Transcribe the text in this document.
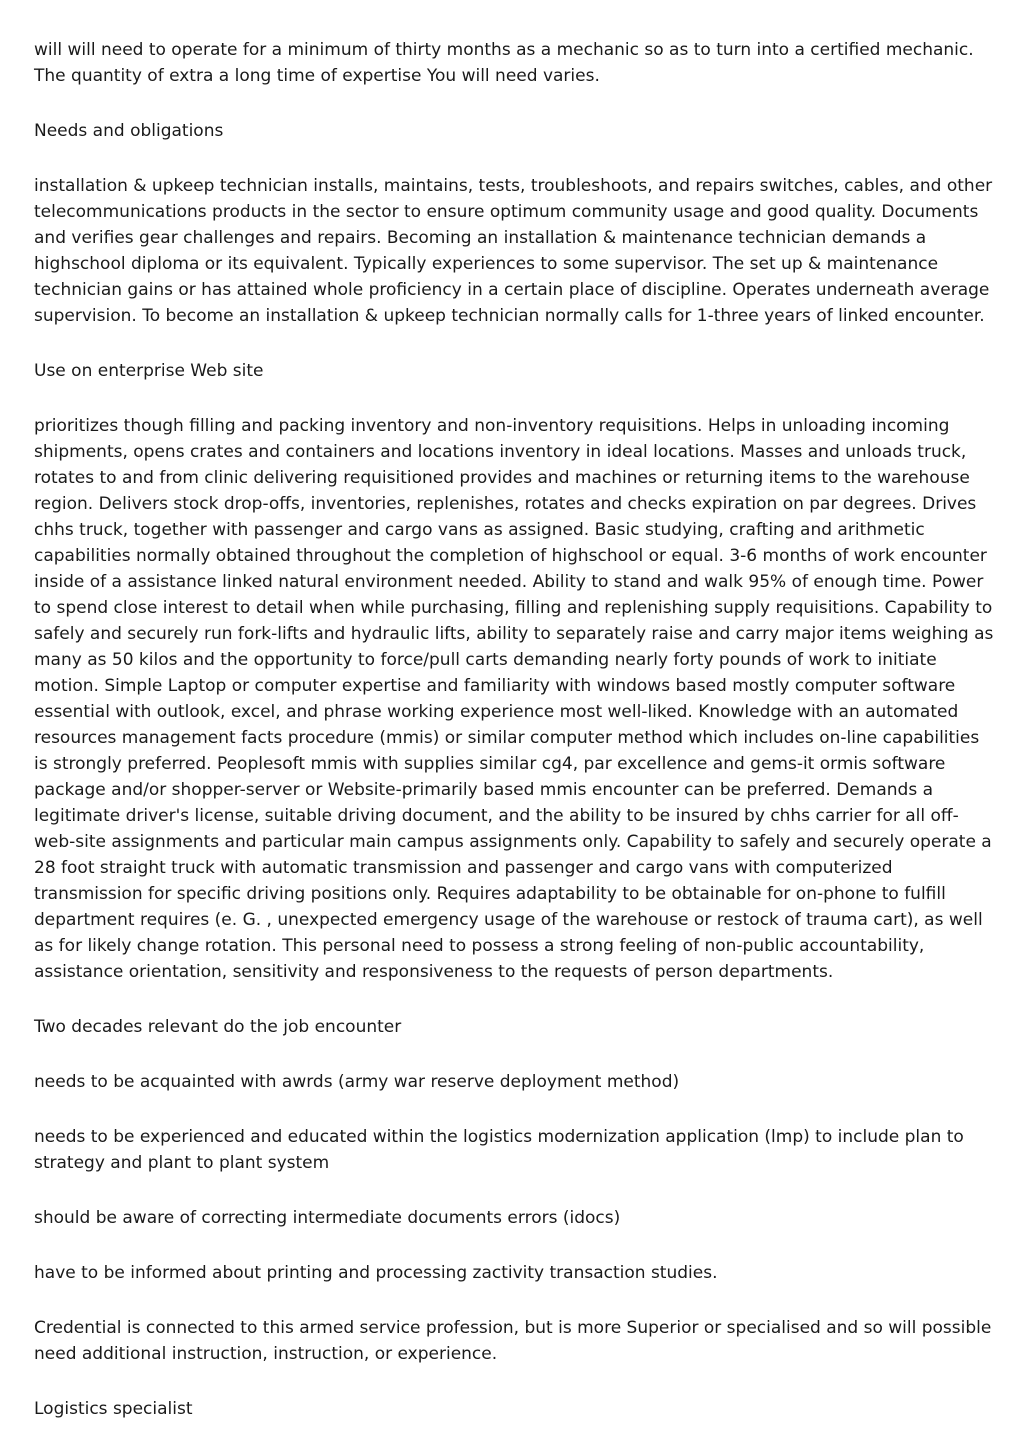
will will need to operate for a minimum of thirty months as a mechanic so as to turn into a certified mechanic. The quantity of extra a long time of expertise You will need varies.

Needs and obligations

installation & upkeep technician installs, maintains, tests, troubleshoots, and repairs switches, cables, and other telecommunications products in the sector to ensure optimum community usage and good quality. Documents and verifies gear challenges and repairs. Becoming an installation & maintenance technician demands a highschool diploma or its equivalent. Typically experiences to some supervisor. The set up & maintenance technician gains or has attained whole proficiency in a certain place of discipline. Operates underneath average supervision. To become an installation & upkeep technician normally calls for 1-three years of linked encounter.

Use on enterprise Web site

prioritizes though filling and packing inventory and non-inventory requisitions. Helps in unloading incoming shipments, opens crates and containers and locations inventory in ideal locations. Masses and unloads truck, rotates to and from clinic delivering requisitioned provides and machines or returning items to the warehouse region. Delivers stock drop-offs, inventories, replenishes, rotates and checks expiration on par degrees. Drives chhs truck, together with passenger and cargo vans as assigned. Basic studying, crafting and arithmetic capabilities normally obtained throughout the completion of highschool or equal. 3-6 months of work encounter inside of a assistance linked natural environment needed. Ability to stand and walk 95% of enough time. Power to spend close interest to detail when while purchasing, filling and replenishing supply requisitions. Capability to safely and securely run fork-lifts and hydraulic lifts, ability to separately raise and carry major items weighing as many as 50 kilos and the opportunity to force/pull carts demanding nearly forty pounds of work to initiate motion. Simple Laptop or computer expertise and familiarity with windows based mostly computer software essential with outlook, excel, and phrase working experience most well-liked. Knowledge with an automated resources management facts procedure (mmis) or similar computer method which includes on-line capabilities is strongly preferred. Peoplesoft mmis with supplies similar cg4, par excellence and gems-it ormis software package and/or shopper-server or Website-primarily based mmis encounter can be preferred. Demands a legitimate driver's license, suitable driving document, and the ability to be insured by chhs carrier for all off-web-site assignments and particular main campus assignments only. Capability to safely and securely operate a 28 foot straight truck with automatic transmission and passenger and cargo vans with computerized transmission for specific driving positions only. Requires adaptability to be obtainable for on-phone to fulfill department requires (e. G. , unexpected emergency usage of the warehouse or restock of trauma cart), as well as for likely change rotation. This personal need to possess a strong feeling of non-public accountability, assistance orientation, sensitivity and responsiveness to the requests of person departments.

Two decades relevant do the job encounter

needs to be acquainted with awrds (army war reserve deployment method)

needs to be experienced and educated within the logistics modernization application (lmp) to include plan to strategy and plant to plant system

should be aware of correcting intermediate documents errors (idocs)

have to be informed about printing and processing zactivity transaction studies.

Credential is connected to this armed service profession, but is more Superior or specialised and so will possible need additional instruction, instruction, or experience.

Logistics specialist
